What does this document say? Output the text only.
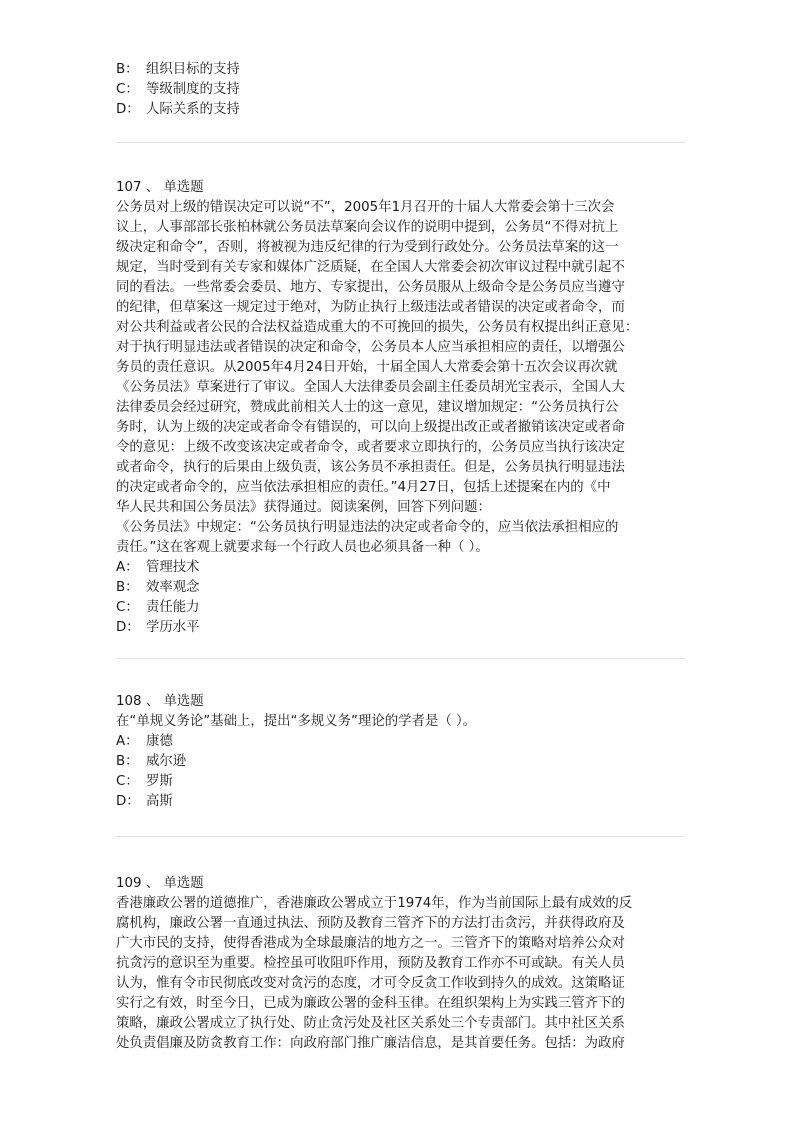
B： 组织目标的支持
C： 等级制度的支持
D： 人际关系的支持
107 、 单选题
公务员对上级的错误决定可以说“不”，2005年1月召开的十届人大常委会第十三次会
议上，人事部部长张柏林就公务员法草案向会议作的说明中提到，公务员“不得对抗上
级决定和命令”，否则，将被视为违反纪律的行为受到行政处分。公务员法草案的这一
规定，当时受到有关专家和媒体广泛质疑，在全国人大常委会初次审议过程中就引起不
同的看法。一些常委会委员、地方、专家提出，公务员服从上级命令是公务员应当遵守
的纪律，但草案这一规定过于绝对，为防止执行上级违法或者错误的决定或者命令，而
对公共利益或者公民的合法权益造成重大的不可挽回的损失，公务员有权提出纠正意见：
对于执行明显违法或者错误的决定和命令，公务员本人应当承担相应的责任，以增强公
务员的责任意识。从2005年4月24日开始，十届全国人大常委会第十五次会议再次就
《公务员法》草案进行了审议。全国人大法律委员会副主任委员胡光宝表示，全国人大
法律委员会经过研究，赞成此前相关人士的这一意见，建议增加规定：“公务员执行公
务时，认为上级的决定或者命令有错误的，可以向上级提出改正或者撤销该决定或者命
令的意见：上级不改变该决定或者命令，或者要求立即执行的，公务员应当执行该决定
或者命令，执行的后果由上级负责，该公务员不承担责任。但是，公务员执行明显违法
的决定或者命令的，应当依法承担相应的责任。”4月27日，包括上述提案在内的《中
华人民共和国公务员法》获得通过。阅读案例，回答下列问题：
《公务员法》中规定：“公务员执行明显违法的决定或者命令的，应当依法承担相应的
责任。”这在客观上就要求每一个行政人员也必须具备一种（ ）。
A： 管理技术
B： 效率观念
C： 责任能力
D： 学历水平
108 、 单选题
在“单规义务论”基础上，提出“多规义务”理论的学者是（ ）。
A： 康德
B： 威尔逊
C： 罗斯
D： 高斯
109 、 单选题
香港廉政公署的道德推广，香港廉政公署成立于1974年，作为当前国际上最有成效的反
腐机构，廉政公署一直通过执法、预防及教育三管齐下的方法打击贪污，并获得政府及
广大市民的支持，使得香港成为全球最廉洁的地方之一。三管齐下的策略对培养公众对
抗贪污的意识至为重要。检控虽可收阻吓作用，预防及教育工作亦不可或缺。有关人员
认为，惟有令市民彻底改变对贪污的态度，才可令反贪工作收到持久的成效。这策略证
实行之有效，时至今日，已成为廉政公署的金科玉律。在组织架构上为实践三管齐下的
策略，廉政公署成立了执行处、防止贪污处及社区关系处三个专责部门。其中社区关系
处负责倡廉及防贪教育工作：向政府部门推广廉洁信息，是其首要任务。包括：为政府
